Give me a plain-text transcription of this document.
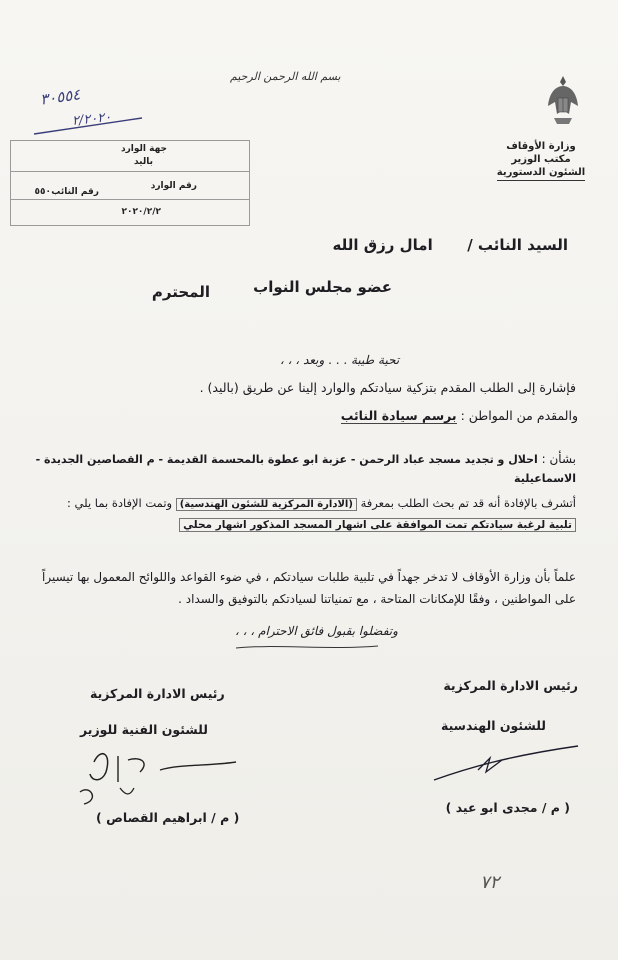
بسم الله الرحمن الرحيم
وزارة الأوقاف
مكتب الوزير
الشئون الدستورية
٣٠٥٥٤
٢/٢٠٢٠
جهة الوارد
باليد
رقم الوارد
رقم النائب
٥٥٠
٢٠٢٠/٢/٢
السيد النائب /  امال رزق الله
عضو مجلس النواب
المحترم
تحية طيبة . . . وبعد ، ، ،
فإشارة إلى الطلب المقدم بتزكية سيادتكم والوارد إلينا عن طريق (باليد) .
والمقدم من المواطن : برسم سيادة النائب
بشأن : احلال و تجديد مسجد عباد الرحمن - عزبة ابو عطوة بالمحسمة القديمة - م القصاصين الجديدة -
الاسماعيلية
أتشرف بالإفادة أنه قد تم بحث الطلب بمعرفة (الادارة المركزية للشئون الهندسية) وتمت الإفادة بما يلي :
تلبية لرغبة سيادتكم تمت الموافقة على اشهار المسجد المذكور اشهار محلي
علماً بأن وزارة الأوقاف لا تدخر جهداً في تلبية طلبات سيادتكم ، في ضوء القواعد واللوائح المعمول بها تيسيراً
على المواطنين ، وفقًا للإمكانات المتاحة ، مع تمنياتنا لسيادتكم بالتوفيق والسداد .
وتفضلوا بقبول فائق الاحترام ، ، ،
رئيس الادارة المركزية
للشئون الهندسية
( م / مجدى ابو عيد )
رئيس الادارة المركزية
للشئون الفنية للوزير
( م / ابراهيم القصاص )
٧٢
